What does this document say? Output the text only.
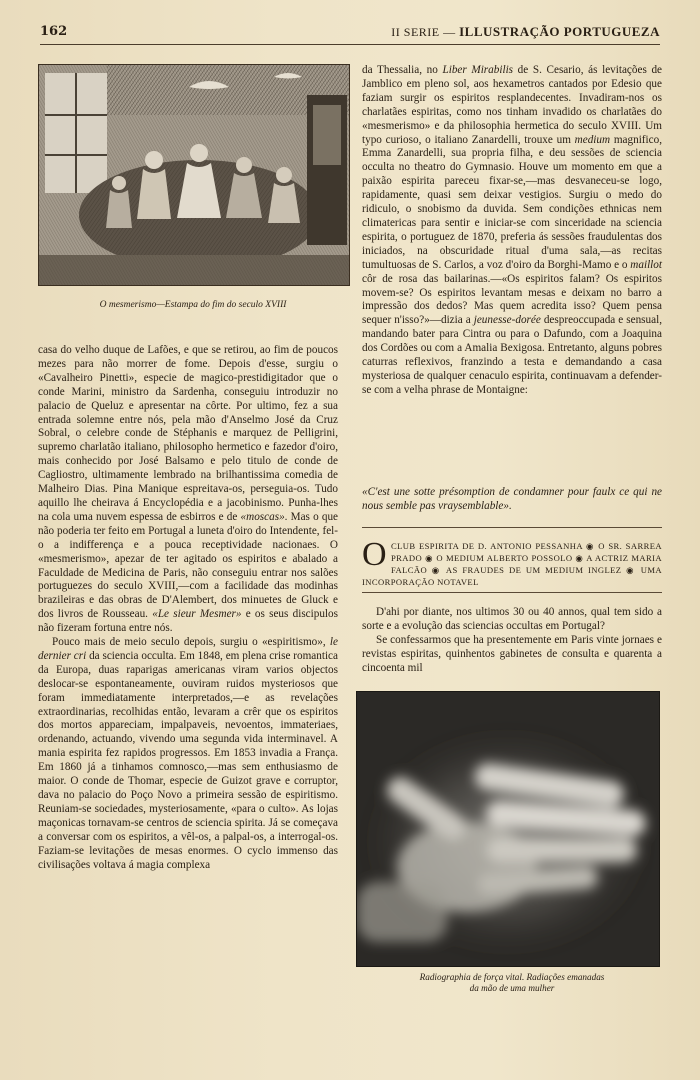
162	II SERIE — ILLUSTRAÇÃO PORTUGUEZA
O mesmerismo—Estampa do fim do seculo XVIII

casa do velho duque de Lafões, e que se retirou, ao fim de poucos mezes para não morrer de fome. Depois d'esse, surgiu o «Cavalheiro Pinetti», especie de magico-prestidigitador que o conde Marini, ministro da Sardenha, conseguiu introduzir no palacio de Queluz e apresentar na côrte. Por ultimo, fez a sua entrada solemne entre nós, pela mão d'Anselmo José da Cruz Sobral, o celebre conde de Stéphanis e marquez de Pelligrini, supremo charlatão italiano, philosopho hermetico e fazedor d'oiro, mais conhecido por José Balsamo e pelo titulo de conde de Cagliostro, ultimamente lembrado na brilhantissima comedia de Malheiro Dias. Pina Manique espreitava-os, perseguia-os. Tudo aquillo lhe cheirava á Encyclopédia e a jacobinismo. Punha-lhes na cola uma nuvem espessa de esbirros e de «moscas». Mas o que não poderia ter feito em Portugal a luneta d'oiro do Intendente, fel-o a indifferença e a pouca receptividade nacionaes. O «mesmerismo», apezar de ter agitado os espiritos e abalado a Faculdade de Medicina de Paris, não conseguiu entrar nos salões portuguezes do seculo XVIII,—com a facilidade das modinhas brazileiras e das obras de D'Alembert, dos minuetes de Gluck e dos livros de Rousseau. «Le sieur Mesmer» e os seus discipulos não fizeram fortuna entre nós.

Pouco mais de meio seculo depois, surgiu o «espiritismo», le dernier cri da sciencia occulta. Em 1848, em plena crise romantica da Europa, duas raparigas americanas viram varios objectos deslocar-se espontaneamente, ouviram ruidos mysteriosos que foram immediatamente interpretados,—e as revelações extraordinarias, recolhidas então, levaram a crêr que os espiritos dos mortos appareciam, impalpaveis, nevoentos, immateriaes, ordenando, actuando, vivendo uma segunda vida interminavel. A mania espirita fez rapidos progressos. Em 1853 invadia a França. Em 1860 já a tinhamos comnosco,—mas sem enthusiasmo de maior. O conde de Thomar, especie de Guizot grave e corruptor, dava no palacio do Poço Novo a primeira sessão de espiritismo. Reuniam-se sociedades, mysteriosamente, «para o culto». As lojas maçonicas tornavam-se centros de sciencia spirita. Já se começava a conversar com os espiritos, a vêl-os, a palpal-os, a interrogal-os. Faziam-se levitações de mesas enormes. O cyclo immenso das civilisações voltava á magia complexa

da Thessalia, no Liber Mirabilis de S. Cesario, ás levitações de Jamblico em pleno sol, aos hexametros cantados por Edesio que faziam surgir os espiritos resplandecentes. Invadiram-nos os charlatães espiritas, como nos tinham invadido os charlatães do «mesmerismo» e da philosophia hermetica do seculo XVIII. Um typo curioso, o italiano Zanardelli, trouxe um medium magnifico, Emma Zanardelli, sua propria filha, e deu sessões de sciencia occulta no theatro do Gymnasio. Houve um momento em que a paixão espirita pareceu fixar-se,—mas desvaneceu-se logo, rapidamente, quasi sem deixar vestigios. Surgiu o medo do ridiculo, o snobismo da duvida. Sem condições ethnicas nem climatericas para sentir e iniciar-se com sinceridade na sciencia espirita, o portuguez de 1870, preferia ás sessões fraudulentas dos iniciados, na obscuridade ritual d'uma sala,—as recitas tumultuosas de S. Carlos, a voz d'oiro da Borghi-Mamo e o maillot côr de rosa das bailarinas.—«Os espiritos falam? Os espiritos movem-se? Os espiritos levantam mesas e deixam no barro a impressão dos dedos? Mas quem acredita isso? Quem pensa sequer n'isso?»—dizia a jeunesse-dorée despreoccupada e sensual, mandando bater para Cintra ou para o Dafundo, com a Joaquina dos Cordões ou com a Amalia Bexigosa. Entretanto, alguns pobres caturras reflexivos, franzindo a testa e demandando a casa mysteriosa de qualquer cenaculo espirita, continuavam a defender-se com a velha phrase de Montaigne:

«C'est une sotte présomption de condamner pour faulx ce qui ne nous semble pas vraysemblable».
O CLUB ESPIRITA DE D. ANTONIO PESSANHA ◉ O SR. SARREA PRADO ◉ O MEDIUM ALBERTO POSSOLO ◉ A ACTRIZ MARIA FALCÃO ◉ AS FRAUDES DE UM MEDIUM INGLEZ ◉ UMA INCORPORAÇÃO NOTAVEL

D'ahi por diante, nos ultimos 30 ou 40 annos, qual tem sido a sorte e a evolução das sciencias occultas em Portugal?

Se confessarmos que ha presentemente em Paris vinte jornaes e revistas espiritas, quinhentos gabinetes de consulta e quarenta a cincoenta mil

Radiographia de força vital. Radiações emanadas
da mão de uma mulher
